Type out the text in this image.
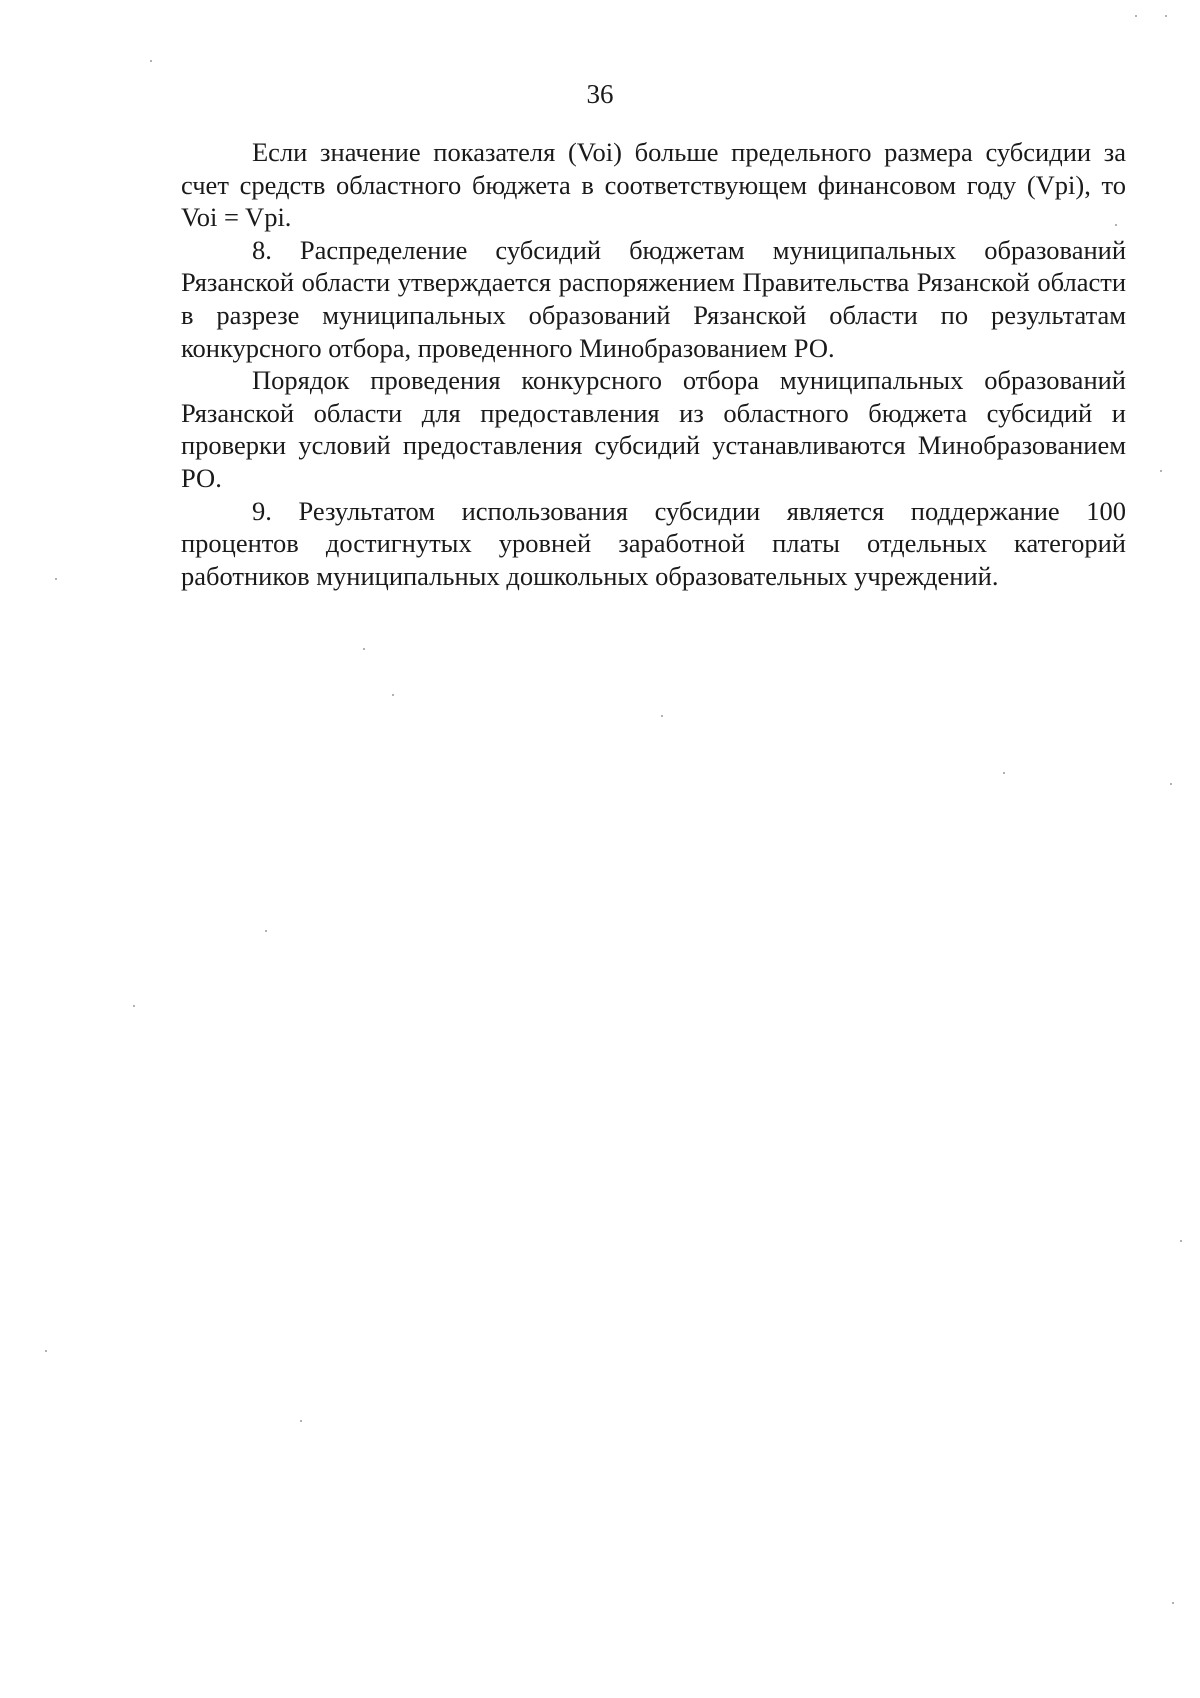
36

Если значение показателя (Voi) больше предельного размера субсидии за счет средств областного бюджета в соответствующем финансовом году (Vpi), то Voi = Vpi.

8. Распределение субсидий бюджетам муниципальных образований Рязанской области утверждается распоряжением Правительства Рязанской области в разрезе муниципальных образований Рязанской области по результатам конкурсного отбора, проведенного Минобразованием РО.

Порядок проведения конкурсного отбора муниципальных образований Рязанской области для предоставления из областного бюджета субсидий и проверки условий предоставления субсидий устанавливаются Минобразованием РО.

9. Результатом использования субсидии является поддержание 100 процентов достигнутых уровней заработной платы отдельных категорий работников муниципальных дошкольных образовательных учреждений.
